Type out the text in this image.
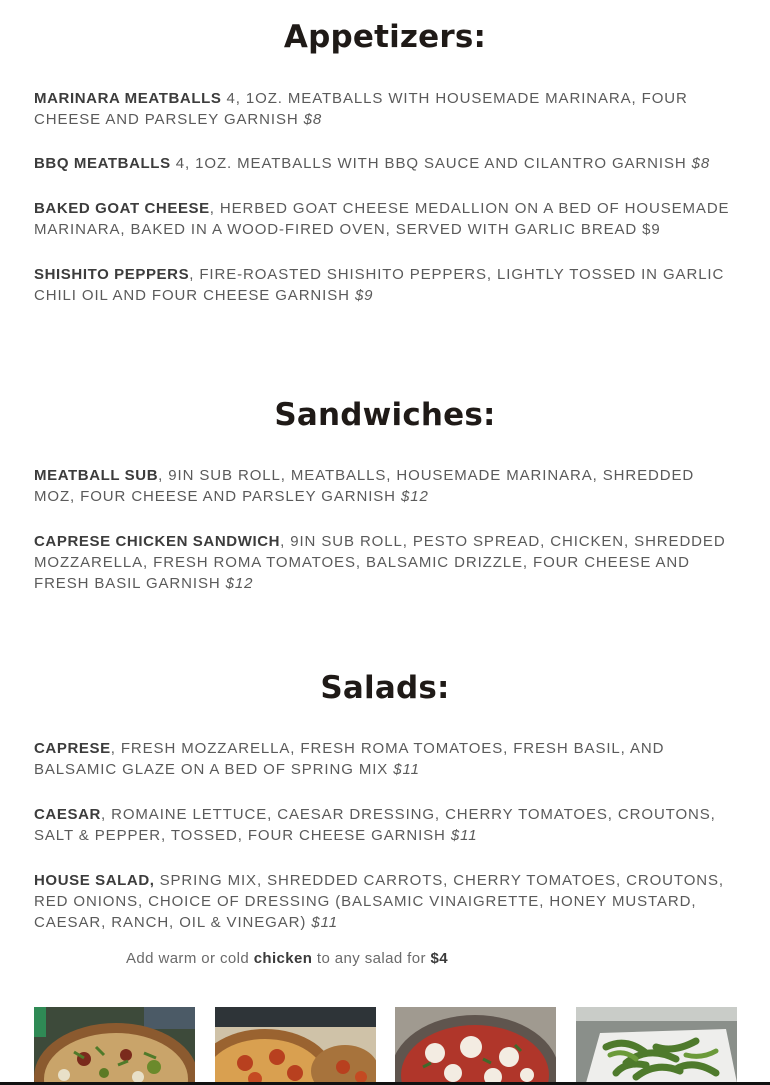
Appetizers:

MARINARA MEATBALLS 4, 1OZ. MEATBALLS WITH HOUSEMADE MARINARA, FOUR CHEESE AND PARSLEY GARNISH $8

BBQ MEATBALLS 4, 1OZ. MEATBALLS WITH BBQ SAUCE AND CILANTRO GARNISH $8

BAKED GOAT CHEESE, HERBED GOAT CHEESE MEDALLION ON A BED OF HOUSEMADE MARINARA, BAKED IN A WOOD-FIRED OVEN, SERVED WITH GARLIC BREAD $9

SHISHITO PEPPERS, FIRE-ROASTED SHISHITO PEPPERS, LIGHTLY TOSSED IN GARLIC CHILI OIL AND FOUR CHEESE GARNISH $9

Sandwiches:

MEATBALL SUB, 9IN SUB ROLL, MEATBALLS, HOUSEMADE MARINARA, SHREDDED MOZ, FOUR CHEESE AND PARSLEY GARNISH $12

CAPRESE CHICKEN SANDWICH, 9IN SUB ROLL, PESTO SPREAD, CHICKEN, SHREDDED MOZZARELLA, FRESH ROMA TOMATOES, BALSAMIC DRIZZLE, FOUR CHEESE AND FRESH BASIL GARNISH $12

Salads:

CAPRESE, FRESH MOZZARELLA, FRESH ROMA TOMATOES, FRESH BASIL, AND BALSAMIC GLAZE ON A BED OF SPRING MIX $11

CAESAR, ROMAINE LETTUCE, CAESAR DRESSING, CHERRY TOMATOES, CROUTONS, SALT & PEPPER, TOSSED, FOUR CHEESE GARNISH $11

HOUSE SALAD, SPRING MIX, SHREDDED CARROTS, CHERRY TOMATOES, CROUTONS, RED ONIONS, CHOICE OF DRESSING (BALSAMIC VINAIGRETTE, HONEY MUSTARD, CAESAR, RANCH, OIL & VINEGAR) $11

Add warm or cold chicken to any salad for $4
